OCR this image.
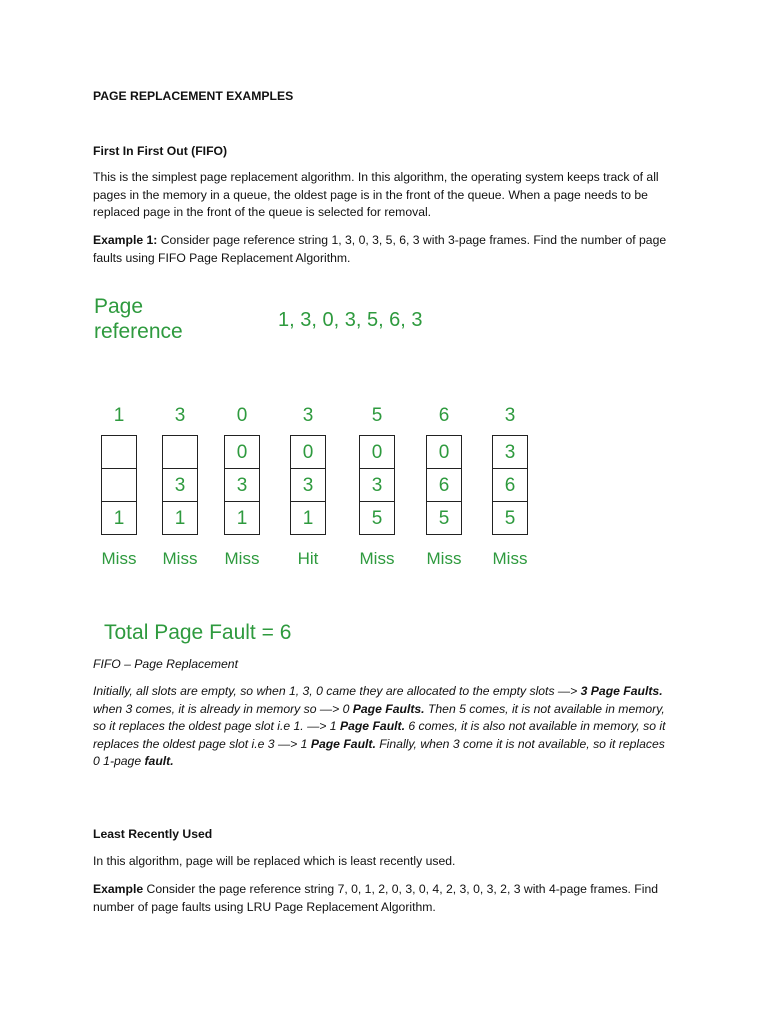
PAGE REPLACEMENT EXAMPLES

First In First Out (FIFO)

This is the simplest page replacement algorithm. In this algorithm, the operating system keeps track of all pages in the memory in a queue, the oldest page is in the front of the queue. When a page needs to be replaced page in the front of the queue is selected for removal.

Example 1: Consider page reference string 1, 3, 0, 3, 5, 6, 3 with 3-page frames. Find the number of page faults using FIFO Page Replacement Algorithm.

Page
reference	1, 3, 0, 3, 5, 6, 3
1
1
Miss
3
3
1
Miss
0
0
3
1
Miss
3
0
3
1
Hit
5
0
3
5
Miss
6
0
6
5
Miss
3
3
6
5
Miss
Total Page Fault = 6

FIFO – Page Replacement

Initially, all slots are empty, so when 1, 3, 0 came they are allocated to the empty slots —> 3 Page Faults.
when 3 comes, it is already in memory so —> 0 Page Faults. Then 5 comes, it is not available in memory, so it replaces the oldest page slot i.e 1. —> 1 Page Fault. 6 comes, it is also not available in memory, so it replaces the oldest page slot i.e 3 —> 1 Page Fault. Finally, when 3 come it is not available, so it replaces 0 1-page fault.

Least Recently Used

In this algorithm, page will be replaced which is least recently used.

Example Consider the page reference string 7, 0, 1, 2, 0, 3, 0, 4, 2, 3, 0, 3, 2, 3 with 4-page frames. Find number of page faults using LRU Page Replacement Algorithm.
